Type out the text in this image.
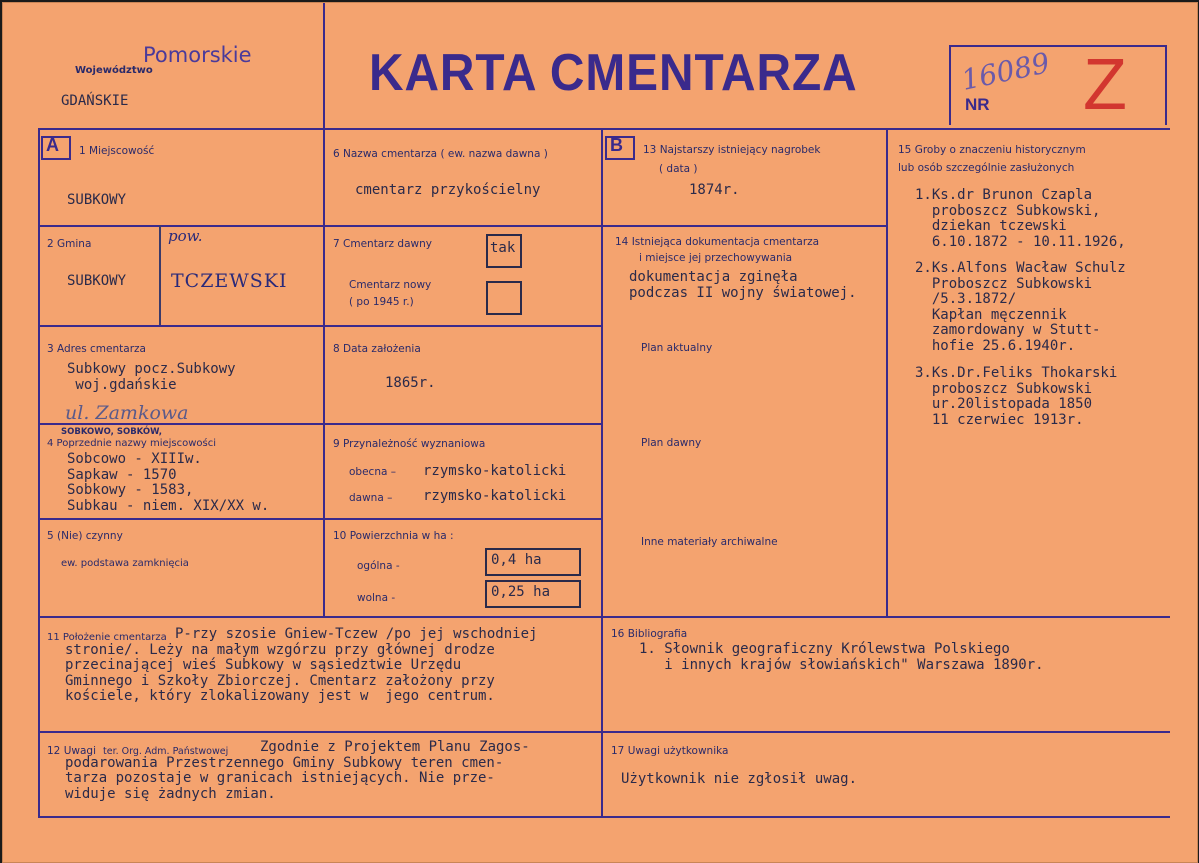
Województwo
Pomorskie
GDAŃSKIE	KARTA CMENTARZA	16089
NR Z
A 1 Miejscowość
SUBKOWY
2 Gmina	pow.
SUBKOWY TCZEWSKI
3 Adres cmentarza
Subkowy pocz.Subkowy
woj.gdańskie
ul. Zamkowa
SOBKOWO, SOBKÓW,
4 Poprzednie nazwy miejscowości
Sobcowo - XIIIw.
Sapkaw - 1570
Sobkowy - 1583,
Subkau - niem. XIX/XX w.
5 (Nie) czynny
ew. podstawa zamknięcia
6 Nazwa cmentarza ( ew. nazwa dawna )
cmentarz przykościelny
7 Cmentarz dawny	tak
Cmentarz nowy
( po 1945 r.)
8 Data założenia
1865r.
9 Przynależność wyznaniowa
obecna – rzymsko-katolicki
dawna – rzymsko-katolicki
10 Powierzchnia w ha :
ogólna -	0,4 ha
wolna -	0,25 ha
B 13 Najstarszy istniejący nagrobek
( data )
1874r.
14 Istniejąca dokumentacja cmentarza
i miejsce jej przechowywania
dokumentacja zginęła
podczas II wojny światowej.
Plan aktualny
Plan dawny
Inne materiały archiwalne
15 Groby o znaczeniu historycznym
lub osób szczególnie zasłużonych
1.Ks.dr Brunon Czapla
proboszcz Subkowski,
dziekan tczewski
6.10.1872 - 10.11.1926,
2.Ks.Alfons Wacław Schulz
Proboszcz Subkowski
/5.3.1872/
Kapłan męczennik
zamordowany w Stutt-
hofie 25.6.1940r.
3.Ks.Dr.Feliks Thokarski
proboszcz Subkowski
ur.20listopada 1850
11 czerwiec 1913r.
11 Położenie cmentarza P-rzy szosie Gniew-Tczew /po jej wschodniej
stronie/. Leży na małym wzgórzu przy głównej drodze
przecinającej wieś Subkowy w sąsiedztwie Urzędu
Gminnego i Szkoły Zbiorczej. Cmentarz założony przy
kościele, który zlokalizowany jest w  jego centrum.
16 Bibliografia
1. Słownik geograficzny Królewstwa Polskiego
i innych krajów słowiańskich" Warszawa 1890r.
12 Uwagi ter. Org. Adm. Państwowej	Zgodnie z Projektem Planu Zagos-
podarowania Przestrzennego Gminy Subkowy teren cmen-
tarza pozostaje w granicach istniejących. Nie prze-
widuje się żadnych zmian.
17 Uwagi użytkownika
Użytkownik nie zgłosił uwag.
